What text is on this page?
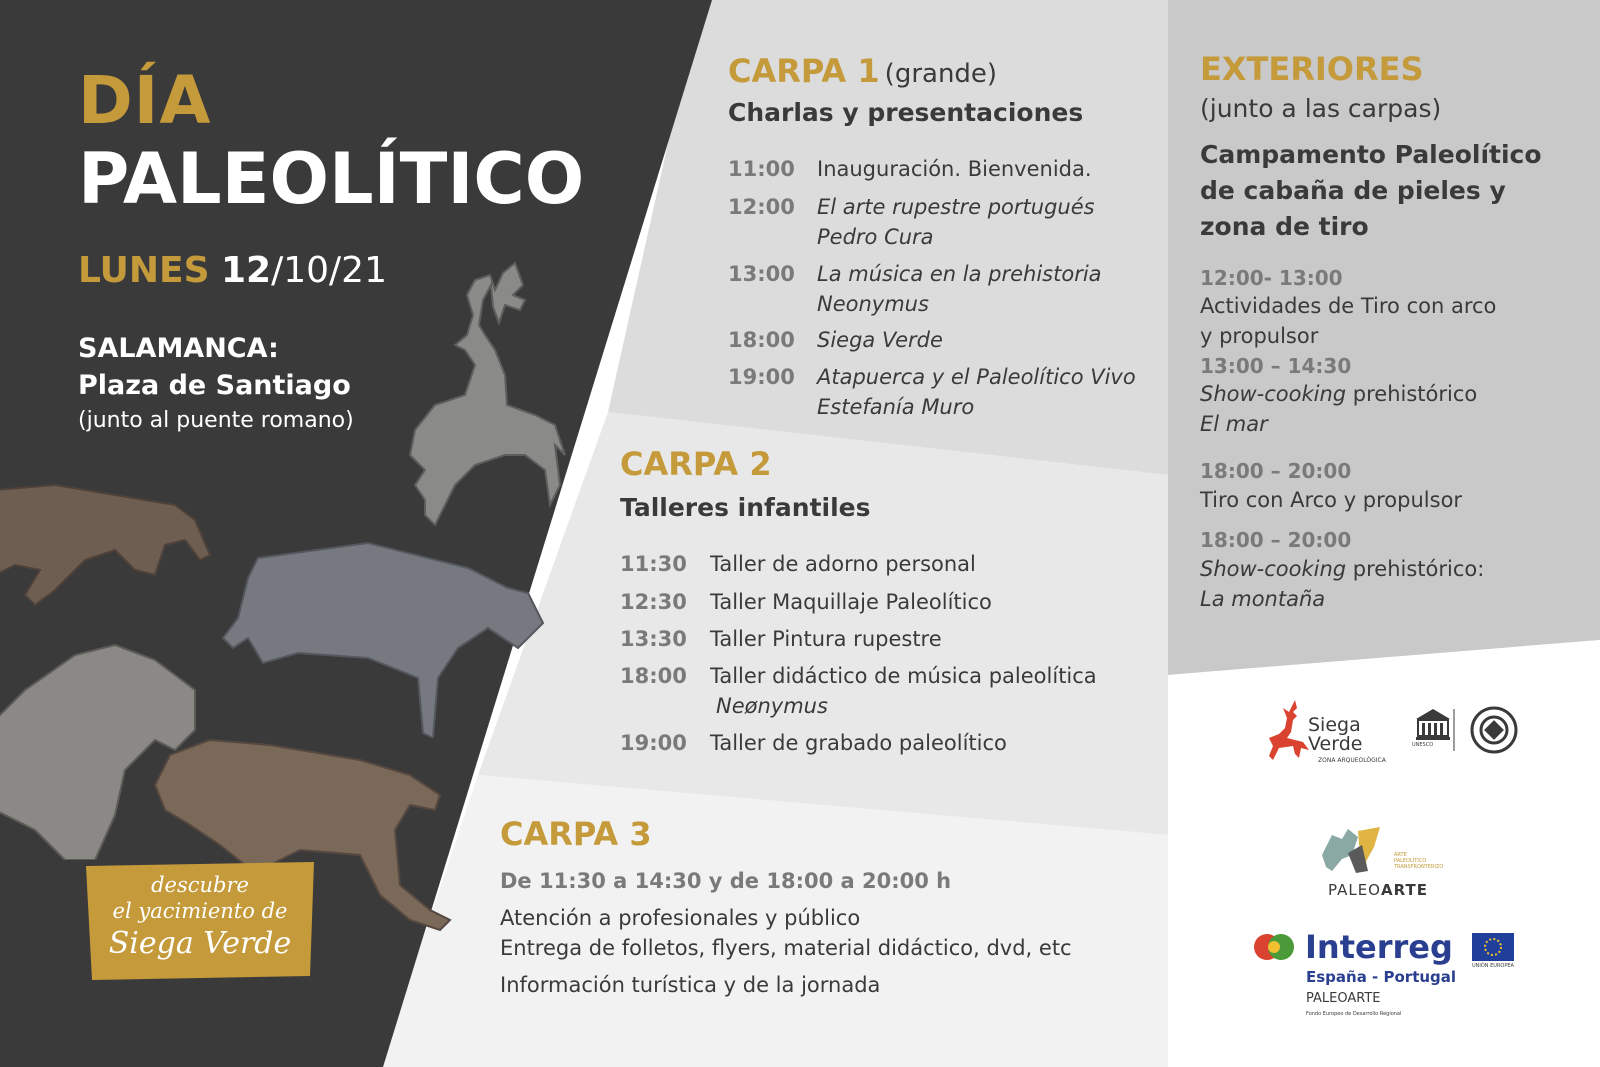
DÍA
PALEOLÍTICO
LUNES 12/10/21
SALAMANCA:
Plaza de Santiago
(junto al puente romano)
descubre
el yacimiento de
Siega Verde
CARPA 1 (grande)
Charlas y presentaciones
11:00 Inauguración. Bienvenida.
12:00 El arte rupestre portugués
Pedro Cura
13:00 La música en la prehistoria
Neonymus
18:00 Siega Verde
19:00 Atapuerca y el Paleolítico Vivo
Estefanía Muro
CARPA 2
Talleres infantiles
11:30 Taller de adorno personal
12:30 Taller Maquillaje Paleolítico
13:30 Taller Pintura rupestre
18:00 Taller didáctico de música paleolítica
Neønymus
19:00 Taller de grabado paleolítico
CARPA 3
De 11:30 a 14:30 y de 18:00 a 20:00 h
Atención a profesionales y público
Entrega de folletos, flyers, material didáctico, dvd, etc
Información turística y de la jornada
EXTERIORES
(junto a las carpas)
Campamento Paleolítico
de cabaña de pieles y
zona de tiro
12:00- 13:00
Actividades de Tiro con arco
y propulsor
13:00 – 14:30
Show-cooking prehistórico
El mar
18:00 – 20:00
Tiro con Arco y propulsor
18:00 – 20:00
Show-cooking prehistórico:
La montaña
Siega
Verde
ZONA ARQUEOLÓGICA
UNESCO
ARTE
PALEOLÍTICO
TRANSFRONTERIZO
PALEOARTE
Interreg
España - Portugal
PALEOARTE
Fondo Europeo de Desarrollo Regional
UNIÓN EUROPEA
